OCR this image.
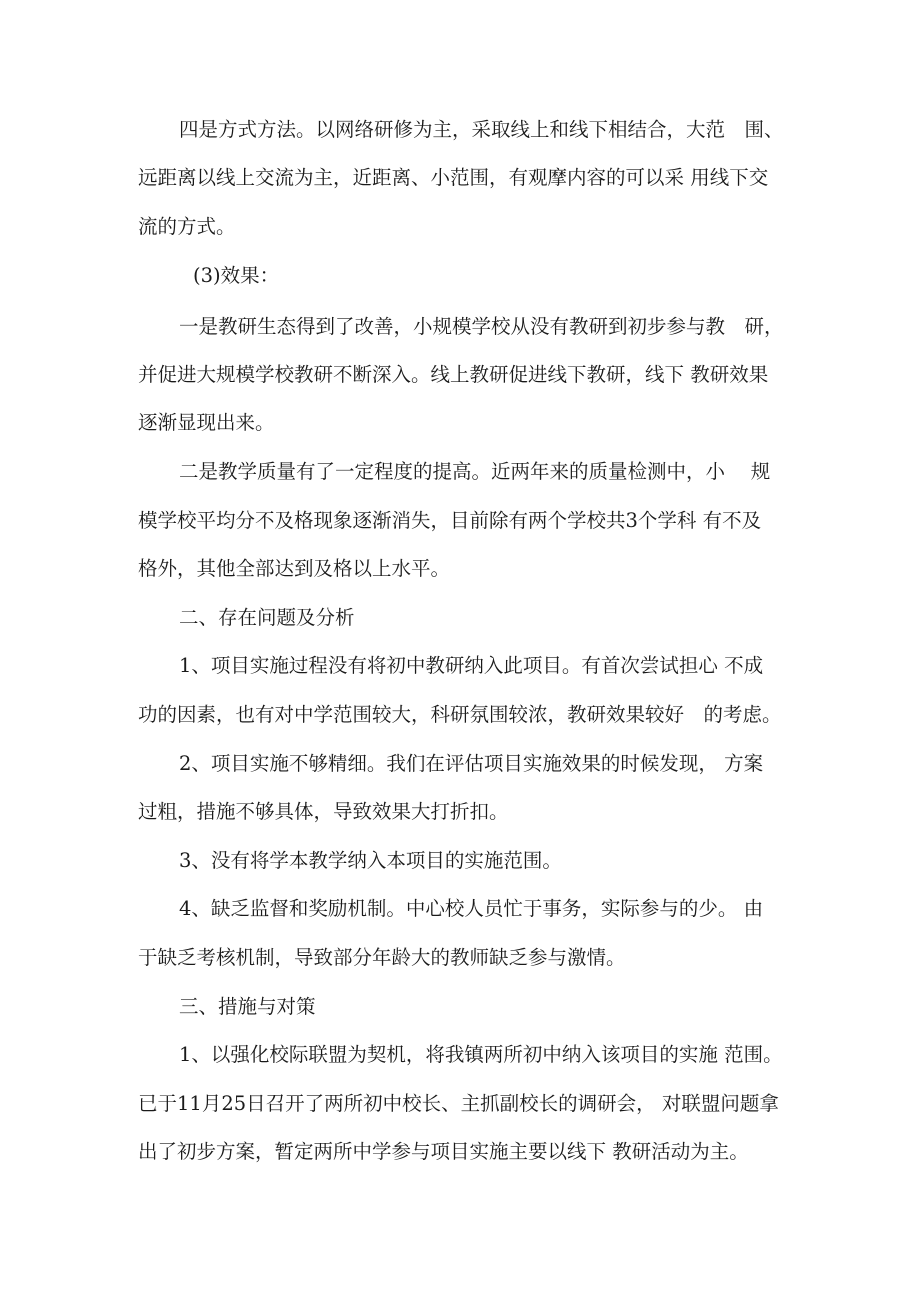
四是方式方法。以网络研修为主，采取线上和线下相结合，大范　围、
远距离以线上交流为主，近距离、小范围，有观摩内容的可以采 用线下交
流的方式。
(3)效果：
一是教研生态得到了改善，小规模学校从没有教研到初步参与教　研，
并促进大规模学校教研不断深入。线上教研促进线下教研，线下 教研效果
逐渐显现出来。
二是教学质量有了一定程度的提高。近两年来的质量检测中，小　 规
模学校平均分不及格现象逐渐消失，目前除有两个学校共3个学科 有不及
格外，其他全部达到及格以上水平。
二、存在问题及分析
1、项目实施过程没有将初中教研纳入此项目。有首次尝试担心 不成
功的因素，也有对中学范围较大，科研氛围较浓，教研效果较好　的考虑。
2、项目实施不够精细。我们在评估项目实施效果的时候发现， 方案
过粗，措施不够具体，导致效果大打折扣。
3、没有将学本教学纳入本项目的实施范围。
4、缺乏监督和奖励机制。中心校人员忙于事务，实际参与的少。 由
于缺乏考核机制，导致部分年龄大的教师缺乏参与激情。
三、措施与对策
1、以强化校际联盟为契机，将我镇两所初中纳入该项目的实施 范围。
已于11月25日召开了两所初中校长、主抓副校长的调研会， 对联盟问题拿
出了初步方案，暂定两所中学参与项目实施主要以线下 教研活动为主。
